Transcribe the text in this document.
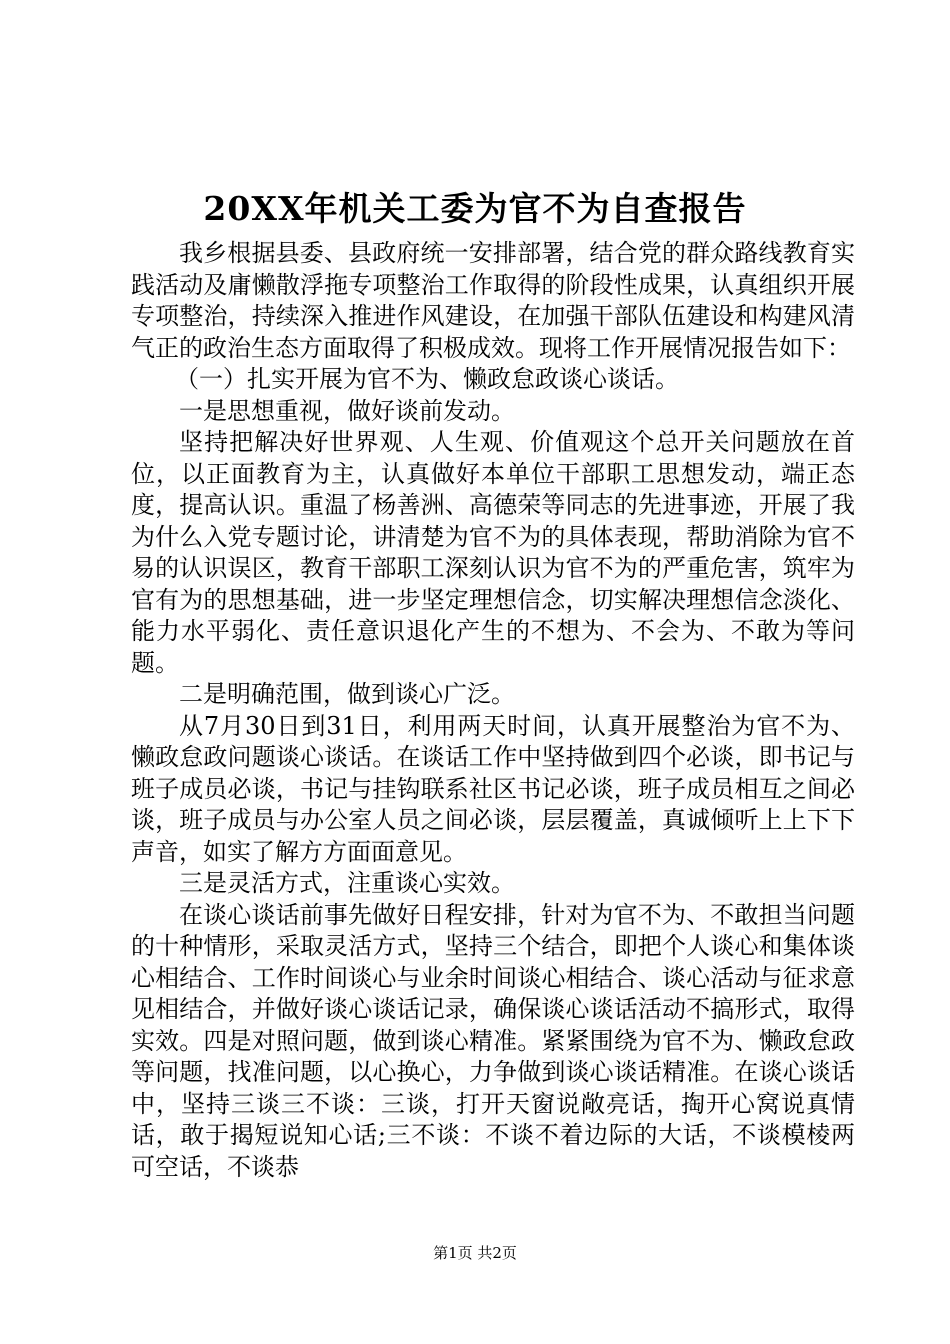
20XX年机关工委为官不为自查报告

我乡根据县委、县政府统一安排部署，结合党的群众路线教育实践活动及庸懒散浮拖专项整治工作取得的阶段性成果，认真组织开展专项整治，持续深入推进作风建设，在加强干部队伍建设和构建风清气正的政治生态方面取得了积极成效。现将工作开展情况报告如下：

（一）扎实开展为官不为、懒政怠政谈心谈话。

一是思想重视，做好谈前发动。

坚持把解决好世界观、人生观、价值观这个总开关问题放在首位，以正面教育为主，认真做好本单位干部职工思想发动，端正态度，提高认识。重温了杨善洲、高德荣等同志的先进事迹，开展了我为什么入党专题讨论，讲清楚为官不为的具体表现，帮助消除为官不易的认识误区，教育干部职工深刻认识为官不为的严重危害，筑牢为官有为的思想基础，进一步坚定理想信念，切实解决理想信念淡化、能力水平弱化、责任意识退化产生的不想为、不会为、不敢为等问题。

二是明确范围，做到谈心广泛。

从7月30日到31日，利用两天时间，认真开展整治为官不为、懒政怠政问题谈心谈话。在谈话工作中坚持做到四个必谈，即书记与班子成员必谈，书记与挂钩联系社区书记必谈，班子成员相互之间必谈，班子成员与办公室人员之间必谈，层层覆盖，真诚倾听上上下下声音，如实了解方方面面意见。

三是灵活方式，注重谈心实效。

在谈心谈话前事先做好日程安排，针对为官不为、不敢担当问题的十种情形，采取灵活方式，坚持三个结合，即把个人谈心和集体谈心相结合、工作时间谈心与业余时间谈心相结合、谈心活动与征求意见相结合，并做好谈心谈话记录，确保谈心谈话活动不搞形式，取得实效。四是对照问题，做到谈心精准。紧紧围绕为官不为、懒政怠政等问题，找准问题，以心换心，力争做到谈心谈话精准。在谈心谈话中，坚持三谈三不谈：三谈，打开天窗说敞亮话，掏开心窝说真情话，敢于揭短说知心话;三不谈：不谈不着边际的大话，不谈模棱两可空话，不谈恭

第1页 共2页
